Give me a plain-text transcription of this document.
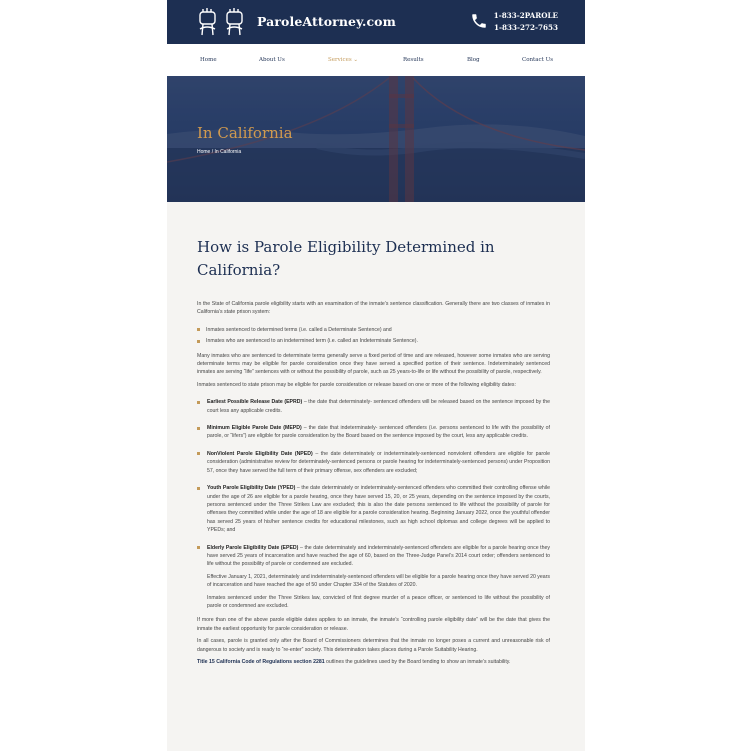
ParoleAttorney.com	1-833-2PAROLE
1-833-272-7653
Home	About Us	Services ⌄	Results	Blog	Contact Us
In California
Home / In California
How is Parole Eligibility Determined in California?

In the State of California parole eligibility starts with an examination of the inmate’s sentence classification. Generally there are two classes of inmates in California’s state prison system:

Inmates sentenced to determined terms (i.e. called a Determinate Sentence) and
Inmates who are sentenced to an indetermined term (i.e. called an Indeterminate Sentence).

Many inmates who are sentenced to determinate terms generally serve a fixed period of time and are released, however some inmates who are serving determinate terms may be eligible for parole consideration once they have served a specified portion of their sentence. Indeterminately sentenced inmates are serving “life” sentences with or without the possibility of parole, such as 25 years-to-life or life without the possibility of parole, respectively.

Inmates sentenced to state prison may be eligible for parole consideration or release based on one or more of the following eligibility dates:

Earliest Possible Release Date (EPRD) – the date that determinately- sentenced offenders will be released based on the sentence imposed by the court less any applicable credits.
Minimum Eligible Parole Date (MEPD) – the date that indeterminately- sentenced offenders (i.e. persons sentenced to life with the possibility of parole, or “lifers”) are eligible for parole consideration by the Board based on the sentence imposed by the court, less any applicable credits.
NonViolent Parole Eligibility Date (NPED) – the date determinately or indeterminately-sentenced nonviolent offenders are eligible for parole consideration (administrative review for determinately-sentenced persons or parole hearing for indeterminately-sentenced persons) under Proposition 57, once they have served the full term of their primary offense, sex offenders are excluded;
Youth Parole Eligibility Date (YPED) – the date determinately or indeterminately-sentenced offenders who committed their controlling offense while under the age of 26 are eligible for a parole hearing, once they have served 15, 20, or 25 years, depending on the sentence imposed by the courts, persons sentenced under the Three Strikes Law are excluded; this is also the date persons sentenced to life without the possibility of parole for offenses they committed while under the age of 18 are eligible for a parole consideration hearing. Beginning January 2022, once the youthful offender has served 25 years of his/her sentence credits for educational milestones, such as high school diplomas and college degrees will be applied to YPEDs; and
Elderly Parole Eligibility Date (EPED) – the date determinately and indeterminately-sentenced offenders are eligible for a parole hearing once they have served 25 years of incarceration and have reached the age of 60, based on the Three-Judge Panel’s 2014 court order; offenders sentenced to life without the possibility of parole or condemned are excluded.

Effective January 1, 2021, determinately and indeterminately-sentenced offenders will be eligible for a parole hearing once they have served 20 years of incarceration and have reached the age of 50 under Chapter 334 of the Statutes of 2020.

Inmates sentenced under the Three Strikes law, convicted of first degree murder of a peace officer, or sentenced to life without the possibility of parole or condemned are excluded.

If more than one of the above parole eligible dates applies to an inmate, the inmate’s “controlling parole eligibility date” will be the date that gives the inmate the earliest opportunity for parole consideration or release.

In all cases, parole is granted only after the Board of Commissioners determines that the inmate no longer poses a current and unreasonable risk of dangerous to society and is ready to “re-enter” society. This determination takes places during a Parole Suitability Hearing.

Title 15 California Code of Regulations section 2281 outlines the guidelines used by the Board tending to show an inmate’s suitability.
